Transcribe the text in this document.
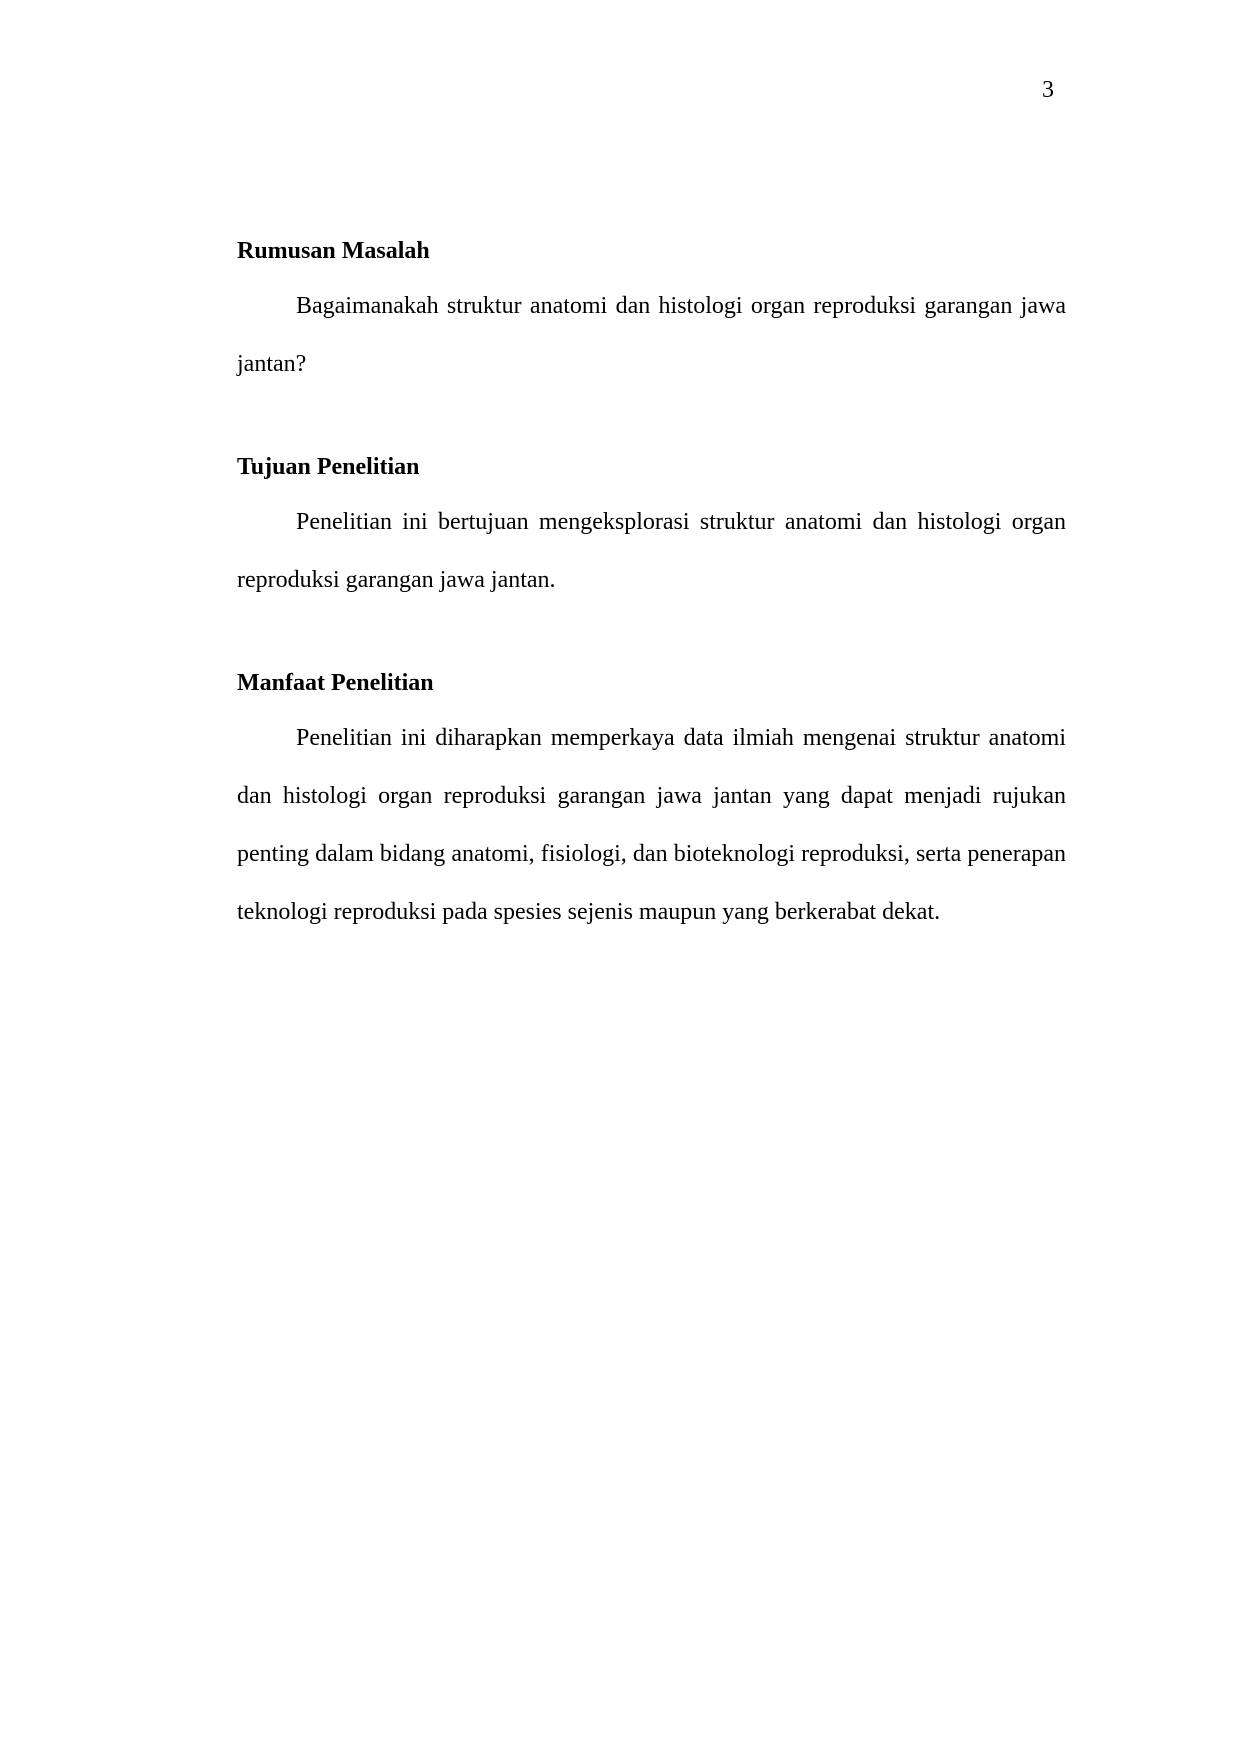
3
Rumusan Masalah

Bagaimanakah struktur anatomi dan histologi organ reproduksi garangan jawa jantan?

Tujuan Penelitian

Penelitian ini bertujuan mengeksplorasi struktur anatomi dan histologi organ reproduksi garangan jawa jantan.

Manfaat Penelitian

Penelitian ini diharapkan memperkaya data ilmiah mengenai struktur anatomi dan histologi organ reproduksi garangan jawa jantan yang dapat menjadi rujukan penting dalam bidang anatomi, fisiologi, dan bioteknologi reproduksi, serta penerapan teknologi reproduksi pada spesies sejenis maupun yang berkerabat dekat.
